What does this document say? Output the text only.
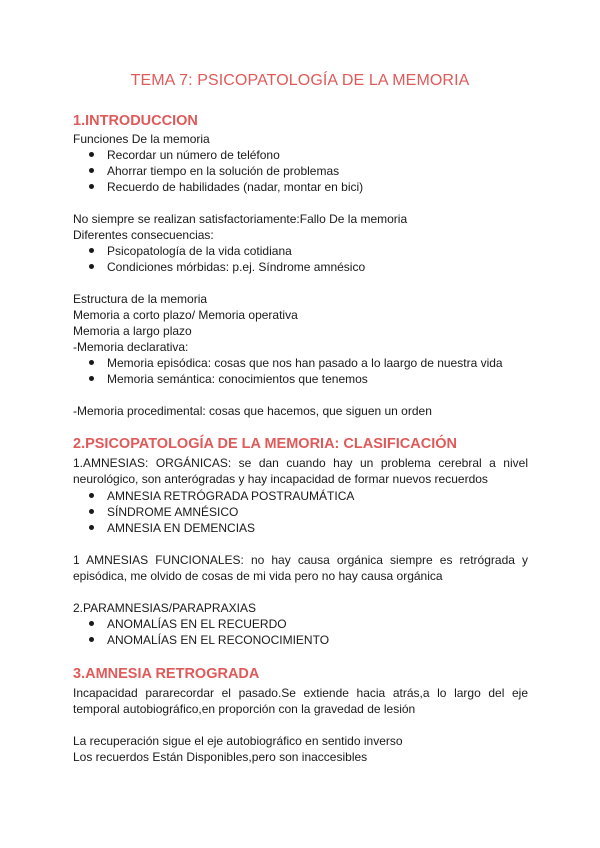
TEMA 7: PSICOPATOLOGÍA DE LA MEMORIA
1.INTRODUCCION
Funciones De la memoria
Recordar un número de teléfono
Ahorrar tiempo en la solución de problemas
Recuerdo de habilidades (nadar, montar en bici)
No siempre se realizan satisfactoriamente:Fallo De la memoria
Diferentes consecuencias:
Psicopatología de la vida cotidiana
Condiciones mórbidas: p.ej. Síndrome amnésico
Estructura de la memoria
Memoria a corto plazo/ Memoria operativa
Memoria a largo plazo
-Memoria declarativa:
Memoria episódica: cosas que nos han pasado a lo laargo de nuestra vida
Memoria semántica: conocimientos que tenemos
-Memoria procedimental: cosas que hacemos, que siguen un orden
2.PSICOPATOLOGÍA DE LA MEMORIA: CLASIFICACIÓN
1.AMNESIAS: ORGÁNICAS: se dan cuando hay un problema cerebral a nivel neurológico, son anterógradas y hay incapacidad de formar nuevos recuerdos
AMNESIA RETRÓGRADA POSTRAUMÁTICA
SÍNDROME AMNÉSICO
AMNESIA EN DEMENCIAS
1 AMNESIAS FUNCIONALES: no hay causa orgánica siempre es retrógrada y episódica, me olvido de cosas de mi vida pero no hay causa orgánica
2.PARAMNESIAS/PARAPRAXIAS
ANOMALÍAS EN EL RECUERDO
ANOMALÍAS EN EL RECONOCIMIENTO
3.AMNESIA RETROGRADA
Incapacidad pararecordar el pasado.Se extiende hacia atrás,a lo largo del eje temporal autobiográfico,en proporción con la gravedad de lesión
La recuperación sigue el eje autobiográfico en sentido inverso
Los recuerdos Están Disponibles,pero son inaccesibles
